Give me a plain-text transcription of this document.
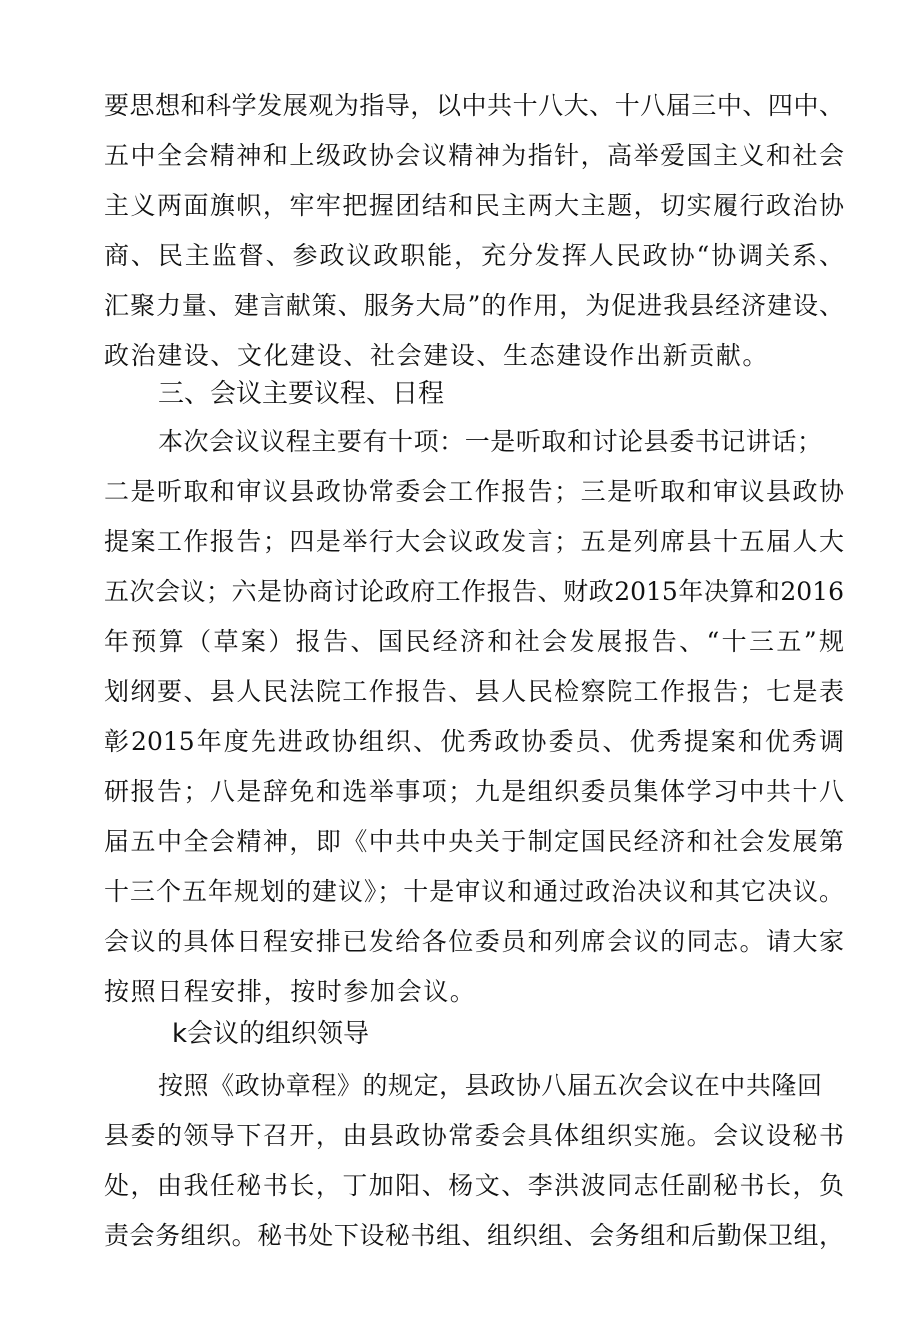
要思想和科学发展观为指导，以中共十八大、十八届三中、四中、
五中全会精神和上级政协会议精神为指针，高举爱国主义和社会
主义两面旗帜，牢牢把握团结和民主两大主题，切实履行政治协
商、民主监督、参政议政职能，充分发挥人民政协“协调关系、
汇聚力量、建言献策、服务大局”的作用，为促进我县经济建设、
政治建设、文化建设、社会建设、生态建设作出新贡献。
三、会议主要议程、日程
本次会议议程主要有十项：一是听取和讨论县委书记讲话；
二是听取和审议县政协常委会工作报告；三是听取和审议县政协
提案工作报告；四是举行大会议政发言；五是列席县十五届人大
五次会议；六是协商讨论政府工作报告、财政2015年决算和2016
年预算（草案）报告、国民经济和社会发展报告、“十三五”规
划纲要、县人民法院工作报告、县人民检察院工作报告；七是表
彰2015年度先进政协组织、优秀政协委员、优秀提案和优秀调
研报告；八是辞免和选举事项；九是组织委员集体学习中共十八
届五中全会精神，即《中共中央关于制定国民经济和社会发展第
十三个五年规划的建议》；十是审议和通过政治决议和其它决议。
会议的具体日程安排已发给各位委员和列席会议的同志。请大家
按照日程安排，按时参加会议。
k会议的组织领导
按照《政协章程》的规定，县政协八届五次会议在中共隆回
县委的领导下召开，由县政协常委会具体组织实施。会议设秘书
处，由我任秘书长，丁加阳、杨文、李洪波同志任副秘书长，负
责会务组织。秘书处下设秘书组、组织组、会务组和后勤保卫组，
